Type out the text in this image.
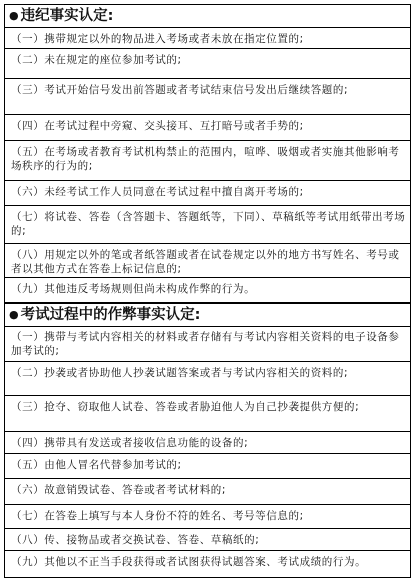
● 违纪事实认定:
（一）携带规定以外的物品进入考场或者未放在指定位置的;
（二）未在规定的座位参加考试的;
（三）考试开始信号发出前答题或者考试结束信号发出后继续答题的;
（四）在考试过程中旁窥、交头接耳、互打暗号或者手势的;
（五）在考场或者教育考试机构禁止的范围内，喧哗、吸烟或者实施其他影响考场秩序的行为的;
（六）未经考试工作人员同意在考试过程中擅自离开考场的;
（七）将试卷、答卷（含答题卡、答题纸等，下同）、草稿纸等考试用纸带出考场的;
（八）用规定以外的笔或者纸答题或者在试卷规定以外的地方书写姓名、考号或者以其他方式在答卷上标记信息的;
（九）其他违反考场规则但尚未构成作弊的行为。
● 考试过程中的作弊事实认定:
（一）携带与考试内容相关的材料或者存储有与考试内容相关资料的电子设备参加考试的;
（二）抄袭或者协助他人抄袭试题答案或者与考试内容相关的资料的;
（三）抢夺、窃取他人试卷、答卷或者胁迫他人为自己抄袭提供方便的;
（四）携带具有发送或者接收信息功能的设备的;
（五）由他人冒名代替参加考试的;
（六）故意销毁试卷、答卷或者考试材料的;
（七）在答卷上填写与本人身份不符的姓名、考号等信息的;
（八）传、接物品或者交换试卷、答卷、草稿纸的;
（九）其他以不正当手段获得或者试图获得试题答案、考试成绩的行为。
